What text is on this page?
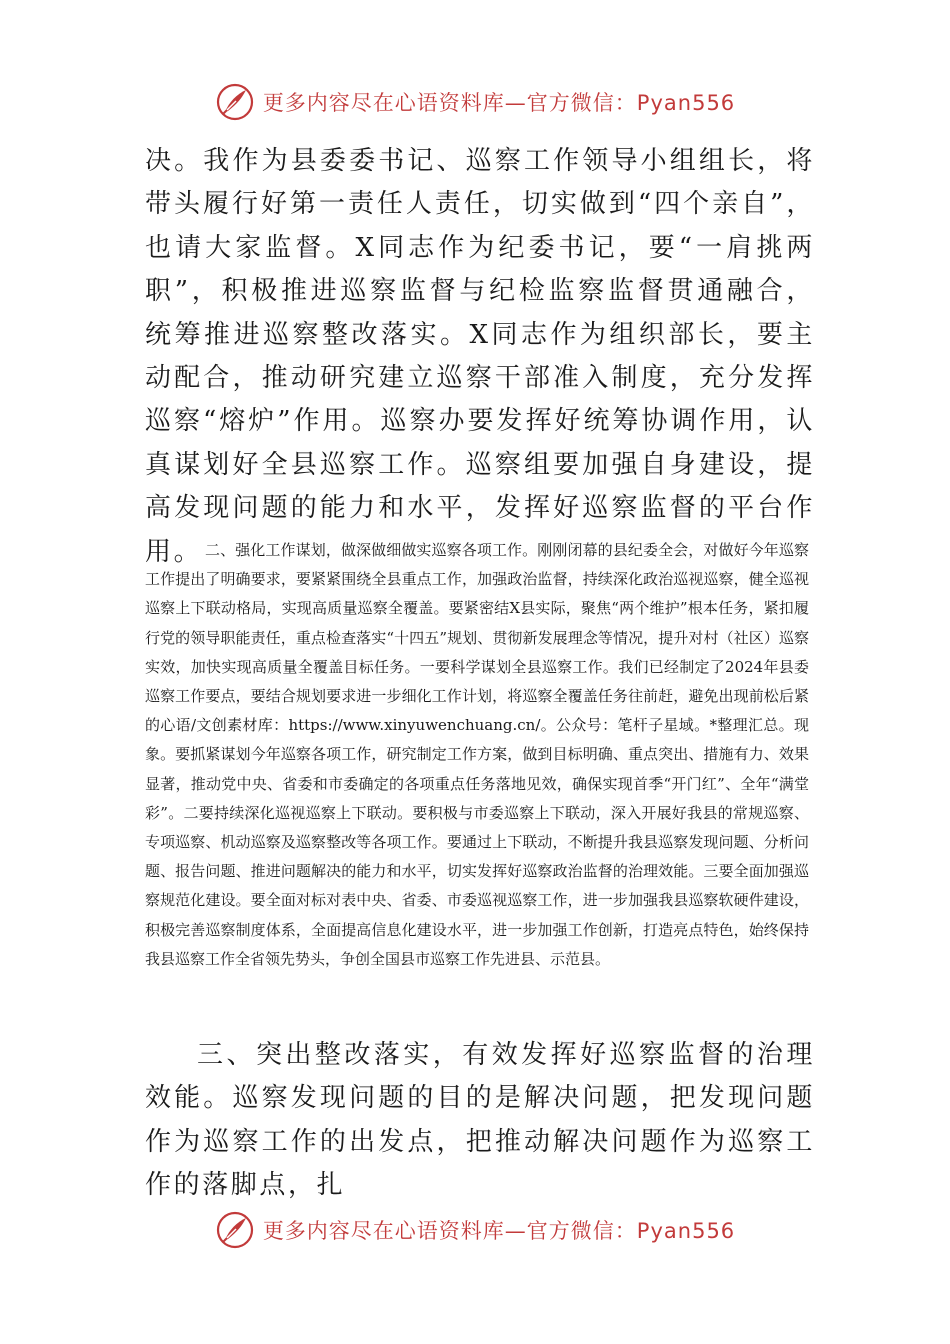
更多内容尽在心语资料库—官方微信：Pyan556

决。我作为县委委书记、巡察工作领导小组组长，将带头履行好第一责任人责任，切实做到“四个亲自”，也请大家监督。X同志作为纪委书记，要“一肩挑两职”，积极推进巡察监督与纪检监察监督贯通融合，统筹推进巡察整改落实。X同志作为组织部长，要主动配合，推动研究建立巡察干部准入制度，充分发挥巡察“熔炉”作用。巡察办要发挥好统筹协调作用，认真谋划好全县巡察工作。巡察组要加强自身建设，提高发现问题的能力和水平，发挥好巡察监督的平台作用。 二、强化工作谋划，做深做细做实巡察各项工作。刚刚闭幕的县纪委全会，对做好今年巡察工作提出了明确要求，要紧紧围绕全县重点工作，加强政治监督，持续深化政治巡视巡察，健全巡视巡察上下联动格局，实现高质量巡察全覆盖。要紧密结X县实际，聚焦“两个维护”根本任务，紧扣履行党的领导职能责任，重点检查落实“十四五”规划、贯彻新发展理念等情况，提升对村（社区）巡察实效，加快实现高质量全覆盖目标任务。一要科学谋划全县巡察工作。我们已经制定了2024年县委巡察工作要点，要结合规划要求进一步细化工作计划，将巡察全覆盖任务往前赶，避免出现前松后紧的心语/文创素材库：https://www.xinyuwenchuang.cn/。公众号：笔杆子星域。*整理汇总。现象。要抓紧谋划今年巡察各项工作，研究制定工作方案，做到目标明确、重点突出、措施有力、效果显著，推动党中央、省委和市委确定的各项重点任务落地见效，确保实现首季“开门红”、全年“满堂彩”。二要持续深化巡视巡察上下联动。要积极与市委巡察上下联动，深入开展好我县的常规巡察、专项巡察、机动巡察及巡察整改等各项工作。要通过上下联动，不断提升我县巡察发现问题、分析问题、报告问题、推进问题解决的能力和水平，切实发挥好巡察政治监督的治理效能。三要全面加强巡察规范化建设。要全面对标对表中央、省委、市委巡视巡察工作，进一步加强我县巡察软硬件建设，积极完善巡察制度体系，全面提高信息化建设水平，进一步加强工作创新，打造亮点特色，始终保持我县巡察工作全省领先势头，争创全国县市巡察工作先进县、示范县。

三、突出整改落实，有效发挥好巡察监督的治理效能。巡察发现问题的目的是解决问题，把发现问题作为巡察工作的出发点，把推动解决问题作为巡察工作的落脚点，扎

更多内容尽在心语资料库—官方微信：Pyan556
